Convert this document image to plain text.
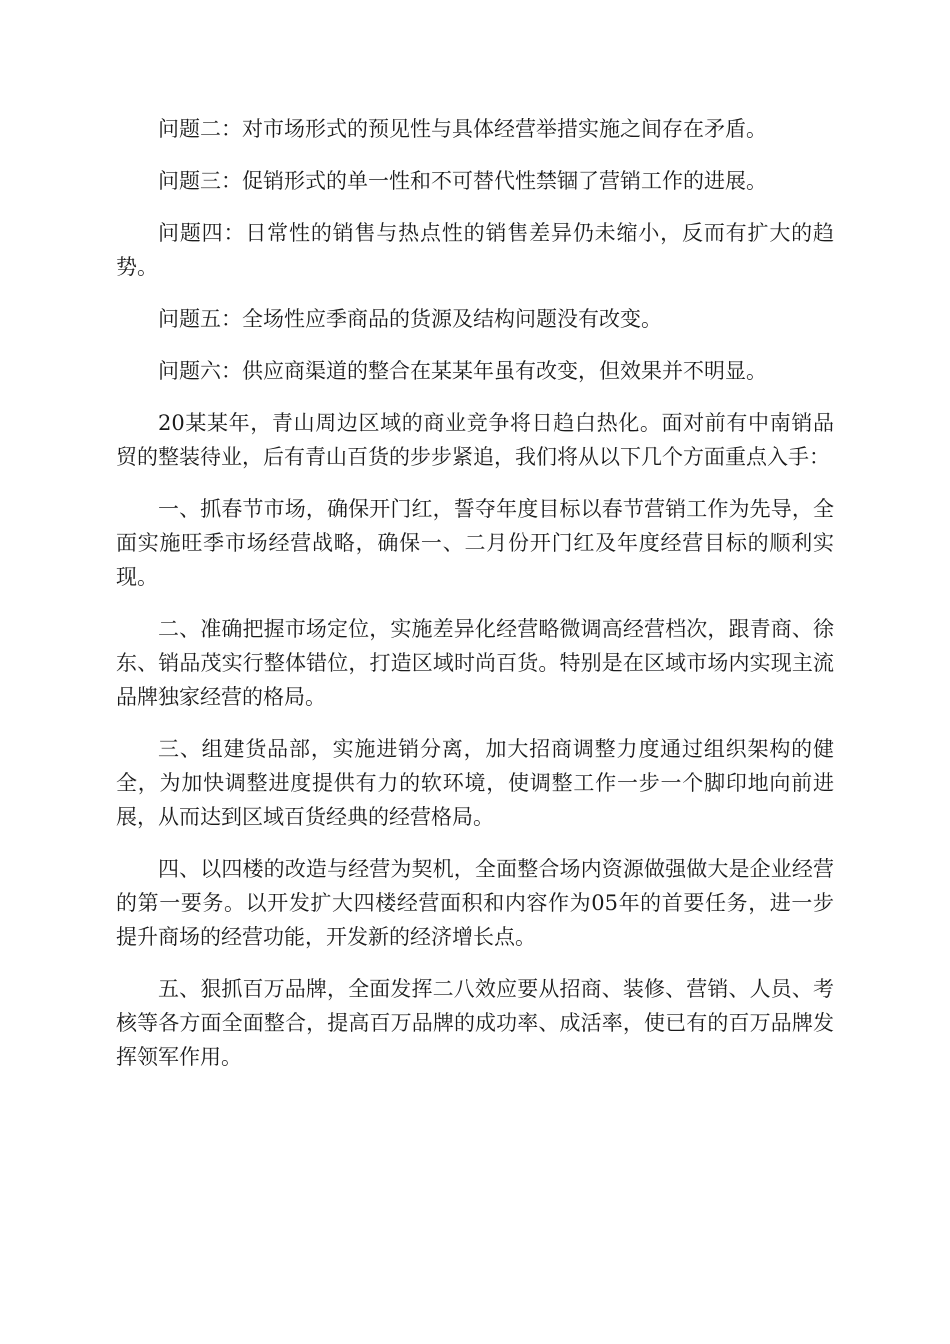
问题二：对市场形式的预见性与具体经营举措实施之间存在矛盾。

问题三：促销形式的单一性和不可替代性禁锢了营销工作的进展。

问题四：日常性的销售与热点性的销售差异仍未缩小，反而有扩大的趋势。

问题五：全场性应季商品的货源及结构问题没有改变。

问题六：供应商渠道的整合在某某年虽有改变，但效果并不明显。

20某某年，青山周边区域的商业竞争将日趋白热化。面对前有中南销品贸的整装待业，后有青山百货的步步紧追，我们将从以下几个方面重点入手：

一、抓春节市场，确保开门红，誓夺年度目标以春节营销工作为先导，全面实施旺季市场经营战略，确保一、二月份开门红及年度经营目标的顺利实现。

二、准确把握市场定位，实施差异化经营略微调高经营档次，跟青商、徐东、销品茂实行整体错位，打造区域时尚百货。特别是在区域市场内实现主流品牌独家经营的格局。

三、组建货品部，实施进销分离，加大招商调整力度通过组织架构的健全，为加快调整进度提供有力的软环境，使调整工作一步一个脚印地向前进展，从而达到区域百货经典的经营格局。

四、以四楼的改造与经营为契机，全面整合场内资源做强做大是企业经营的第一要务。以开发扩大四楼经营面积和内容作为05年的首要任务，进一步提升商场的经营功能，开发新的经济增长点。

五、狠抓百万品牌，全面发挥二八效应要从招商、装修、营销、人员、考核等各方面全面整合，提高百万品牌的成功率、成活率，使已有的百万品牌发挥领军作用。
